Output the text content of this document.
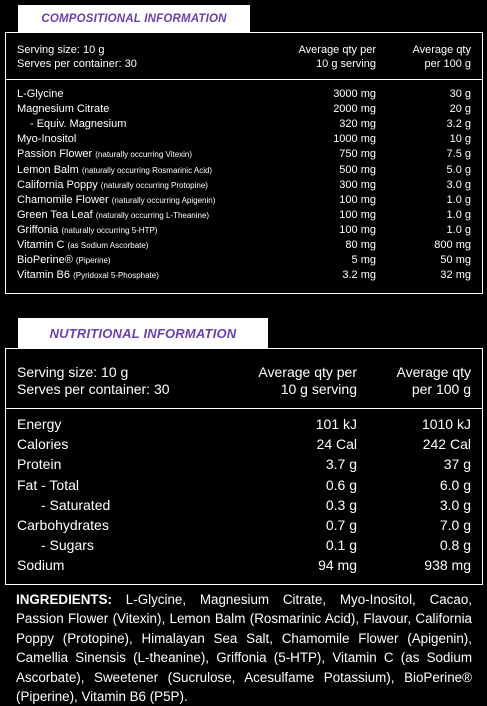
COMPOSITIONAL INFORMATION
Serving size: 10 g
Serves per container: 30
Average qty per
10 g serving
Average qty
per 100 g
L-Glycine	3000 mg	30 g
Magnesium Citrate	2000 mg	20 g
- Equiv. Magnesium	320 mg	3.2 g
Myo-Inositol	1000 mg	10 g
Passion Flower (naturally occurring Vitexin)	750 mg	7.5 g
Lemon Balm (naturally occurring Rosmarinic Acid)	500 mg	5.0 g
California Poppy (naturally occurring Protopine)	300 mg	3.0 g
Chamomile Flower (naturally occurring Apigenin)	100 mg	1.0 g
Green Tea Leaf (naturally occurring L-Theanine)	100 mg	1.0 g
Griffonia (naturally occurring 5-HTP)	100 mg	1.0 g
Vitamin C (as Sodium Ascorbate)	80 mg	800 mg
BioPerine® (Piperine)	5 mg	50 mg
Vitamin B6 (Pyridoxal 5-Phosphate)	3.2 mg	32 mg
NUTRITIONAL INFORMATION
Serving size: 10 g
Serves per container: 30
Average qty per
10 g serving
Average qty
per 100 g
Energy	101 kJ	1010 kJ
Calories	24 Cal	242 Cal
Protein	3.7 g	37 g
Fat - Total	0.6 g	6.0 g
- Saturated	0.3 g	3.0 g
Carbohydrates	0.7 g	7.0 g
- Sugars	0.1 g	0.8 g
Sodium	94 mg	938 mg
INGREDIENTS: L-Glycine, Magnesium Citrate, Myo-Inositol, Cacao, Passion Flower (Vitexin), Lemon Balm (Rosmarinic Acid), Flavour, California Poppy (Protopine), Himalayan Sea Salt, Chamomile Flower (Apigenin), Camellia Sinensis (L-theanine), Griffonia (5-HTP), Vitamin C (as Sodium Ascorbate), Sweetener (Sucrulose, Acesulfame Potassium), BioPerine® (Piperine), Vitamin B6 (P5P).
